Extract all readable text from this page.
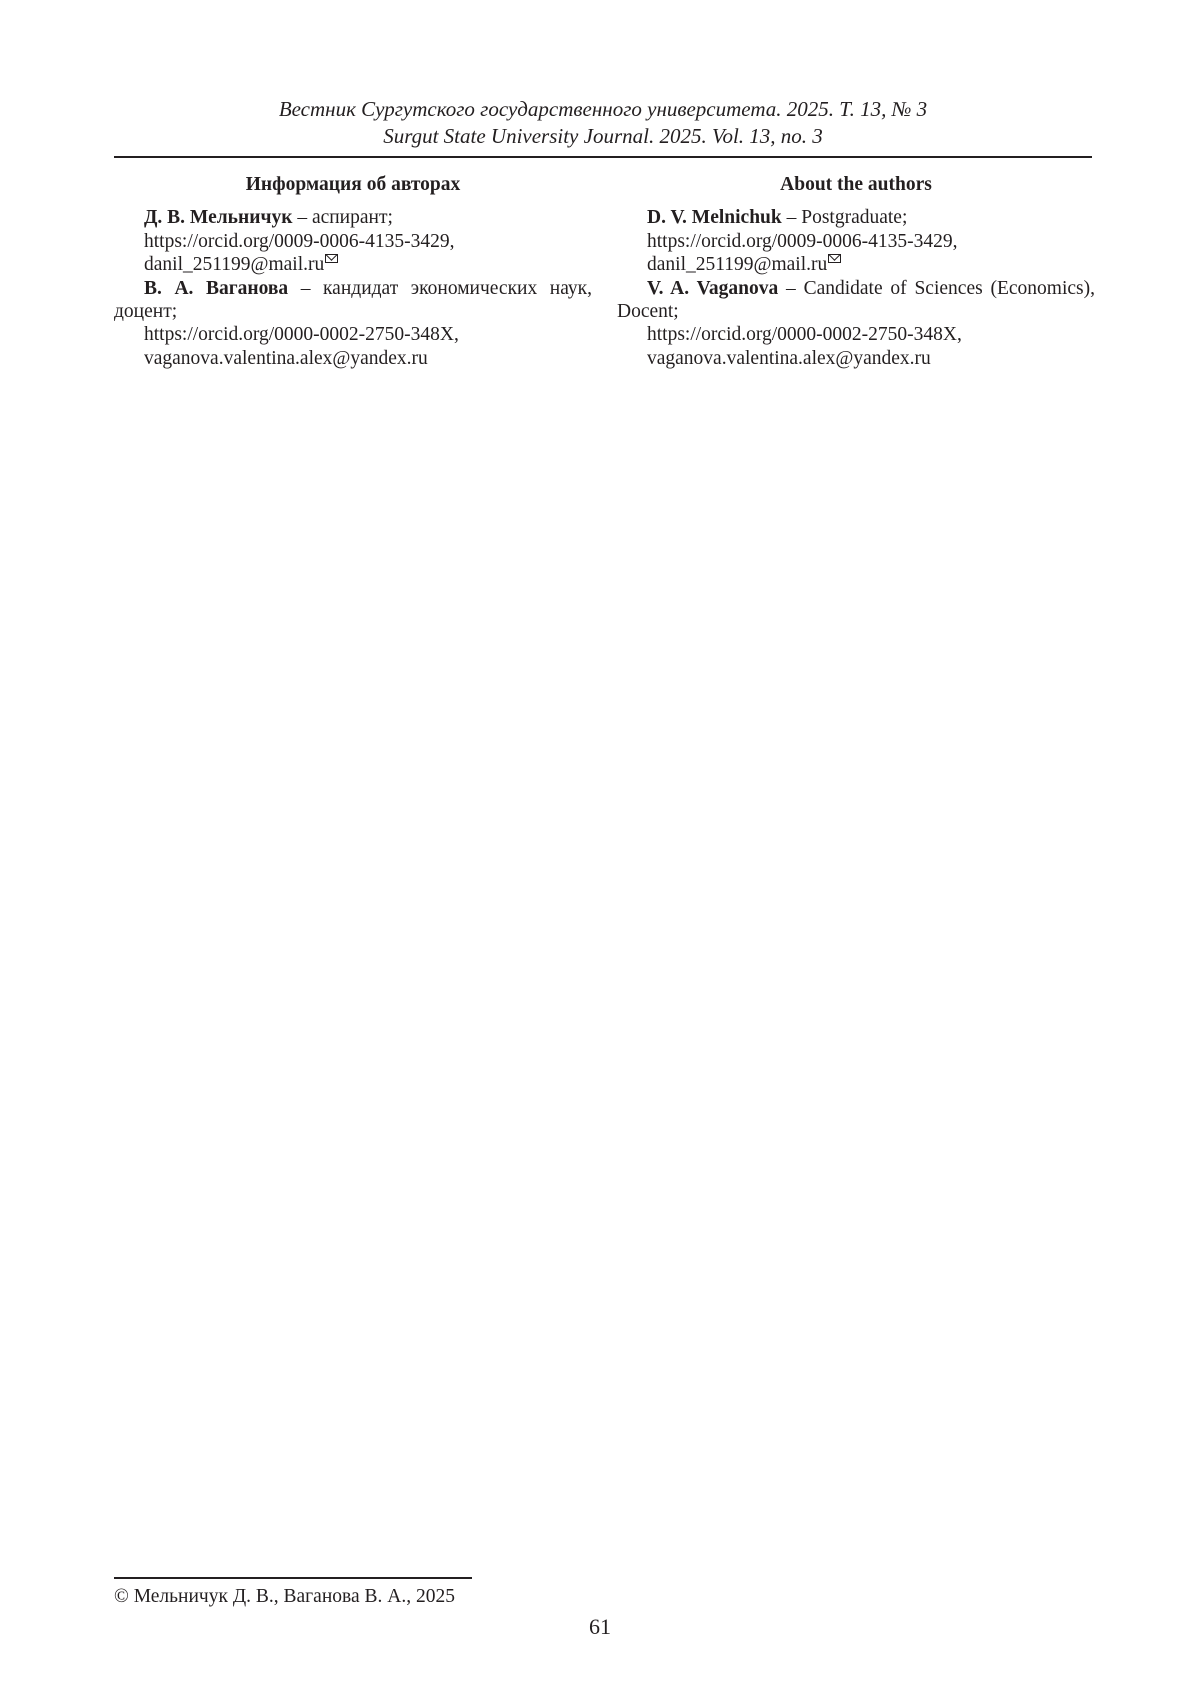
Вестник Сургутского государственного университета. 2025. Т. 13, № 3
Surgut State University Journal. 2025. Vol. 13, no. 3
Информация об авторах
Д. В. Мельничук – аспирант;
https://orcid.org/0009-0006-4135-3429,
danil_251199@mail.ru
В. А. Ваганова – кандидат экономических наук, доцент;
https://orcid.org/0000-0002-2750-348X,
vaganova.valentina.alex@yandex.ru
About the authors
D. V. Melnichuk – Postgraduate;
https://orcid.org/0009-0006-4135-3429,
danil_251199@mail.ru
V. A. Vaganova – Candidate of Sciences (Economics), Docent;
https://orcid.org/0000-0002-2750-348X,
vaganova.valentina.alex@yandex.ru
© Мельничук Д. В., Ваганова В. А., 2025
61
